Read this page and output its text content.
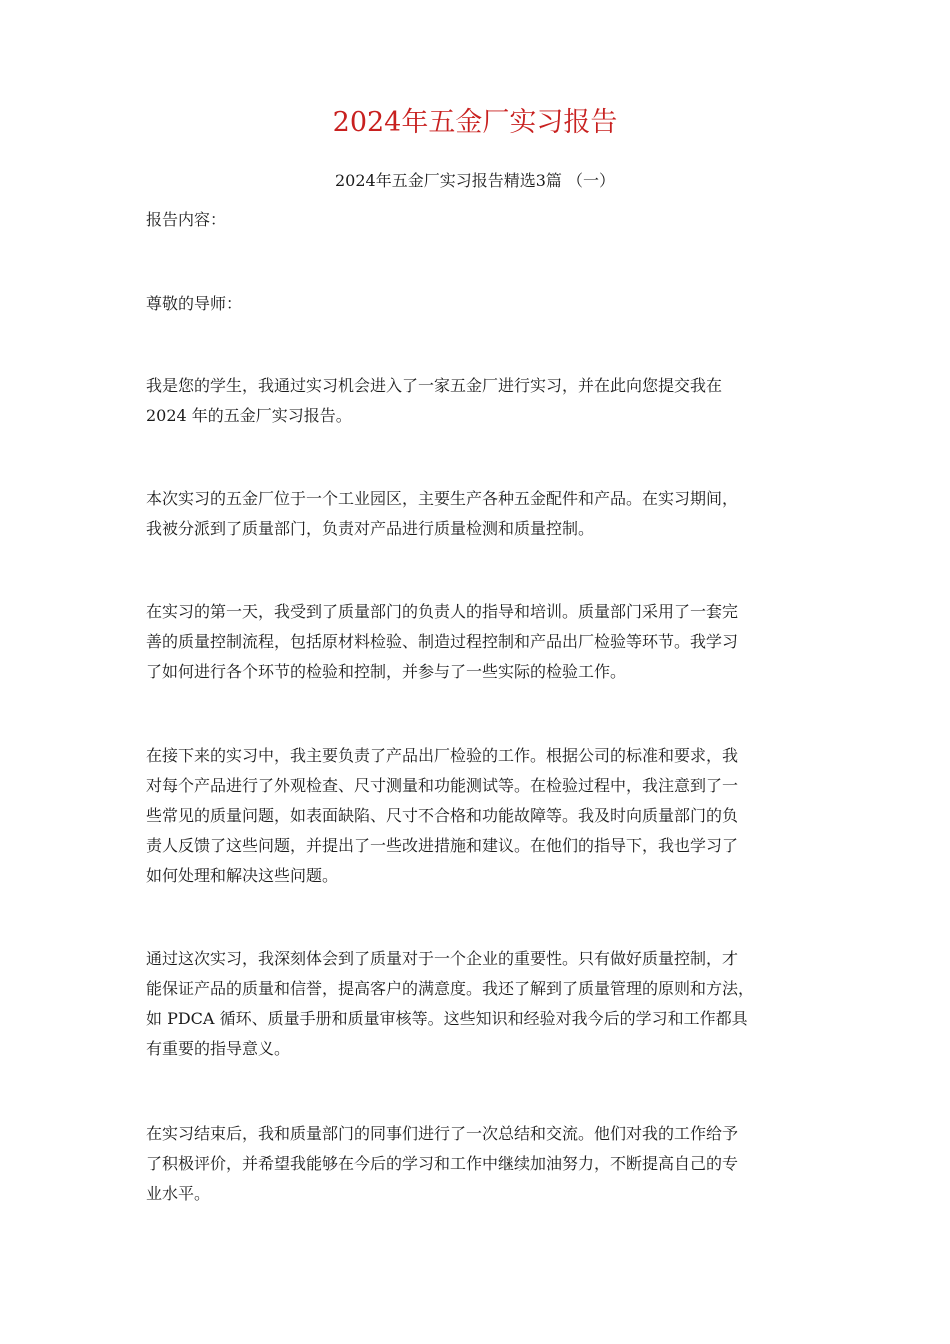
2024年五金厂实习报告

2024年五金厂实习报告精选3篇 （一）

报告内容：

尊敬的导师：

我是您的学生，我通过实习机会进入了一家五金厂进行实习，并在此向您提交我在
2024 年的五金厂实习报告。
本次实习的五金厂位于一个工业园区，主要生产各种五金配件和产品。在实习期间，
我被分派到了质量部门，负责对产品进行质量检测和质量控制。
在实习的第一天，我受到了质量部门的负责人的指导和培训。质量部门采用了一套完
善的质量控制流程，包括原材料检验、制造过程控制和产品出厂检验等环节。我学习
了如何进行各个环节的检验和控制，并参与了一些实际的检验工作。
在接下来的实习中，我主要负责了产品出厂检验的工作。根据公司的标准和要求，我
对每个产品进行了外观检查、尺寸测量和功能测试等。在检验过程中，我注意到了一
些常见的质量问题，如表面缺陷、尺寸不合格和功能故障等。我及时向质量部门的负
责人反馈了这些问题，并提出了一些改进措施和建议。在他们的指导下，我也学习了
如何处理和解决这些问题。
通过这次实习，我深刻体会到了质量对于一个企业的重要性。只有做好质量控制，才
能保证产品的质量和信誉，提高客户的满意度。我还了解到了质量管理的原则和方法，
如 PDCA 循环、质量手册和质量审核等。这些知识和经验对我今后的学习和工作都具
有重要的指导意义。
在实习结束后，我和质量部门的同事们进行了一次总结和交流。他们对我的工作给予
了积极评价，并希望我能够在今后的学习和工作中继续加油努力，不断提高自己的专
业水平。
